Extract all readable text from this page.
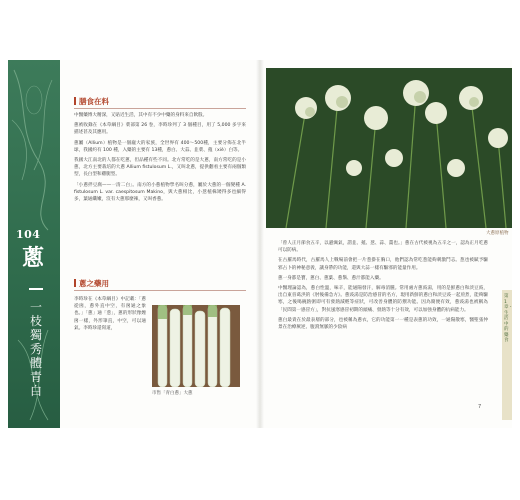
104
蔥
一枝獨秀體青白
膳食在料

中醫藥博大精深，又貼近生活，其中有不少中藥的身料來自飲殷。

蔥被收錄在《本草綱目》菜部第 26 卷，李時珍列了 3 個種目，用了 5,000 多字來描述甚及其應用。

蔥屬（Allium）植物是一個龐大的家族，全世界有 400～500種，主要分佈在北半球，我國約有 100 種，入藥的主要有 13種，蔥白、大蒜、韭菜、薤（xiè）白等。

我國大江南北的人都在吃蔥，但品種有些不同。北方常吃的是大蔥，南方常吃的是小蔥，北方主要栽培的大蔥 Allium fistulosum L.，又叫北蔥，提供翻看主要有兩個類型，長白型和雞腿型。

「小蔥拌豆腐——一清二白」。南方的小蔥植物學名叫分蔥，屬於大蔥的一個變種 A. fistulosum L. var. caespitosum Makino，與大蔥相比，小葱植株矮得多也細得多，葉通纖嫩，沒有大蔥那麼辣，又叫香蔥。

蔥之藥用

李時珍在《本草綱目》中記載：「蔥從囪，蔥外直中空，有囪通之象也。」「蔥」通「葱」，蔥的形狀像煙囪一樣，外形筆直，中空，可以通氣。李時珍還寫道，

市售「青白蔥」大蔥
大蔥原植物

「曾人正月節食五辛，以避癘氣，謂韭、薤、葱、蒜、薑也。」蔥在古代被視為五辛之一，認為正月吃蔥可以防病。

在古羅馬時代，古羅馬人上戰場前會把一片葱掛在胸口，他們認為常吃葱能夠刺激鬥志。葱也被賦予驅邪占卜的神秘意義，讓身帶的功能，還與大蒜一樣有驅邪的能量作用。

蔥一身都是寶，蔥白、蔥葉、蔥鬚、蔥汁都能入藥。

中醫理論認為，蔥白性溫，味辛，能通陽發汗，解毒消腫。常用處方蔥豉湯，用的是鮮蔥白和淡豆豉，出自東晉葛洪的《肘後備急方》。蔥豉湯是防治感冒的名方，現用新鮮的蔥白和淡豆豉一起煎煮，能夠驅寒，之後喝碗熱粥即可有發熱減輕等症狀，可改善身體的防禦功能。因為簡便有效，蔥豉湯也被稱為「民間第一感冒方」，對抗風寒感冒初期的頭痛、發熱等十分有效，可以加強身體的抗病能力。

蔥白最貴在於最表層的部分，也被稱為蔥衣，它的功能第一一種是表蔥的功效，一通陽散寒，醫聖張仲景在治療厥逆、腹瀉無脈的少陰病

第1章・生活中的藥食
7
